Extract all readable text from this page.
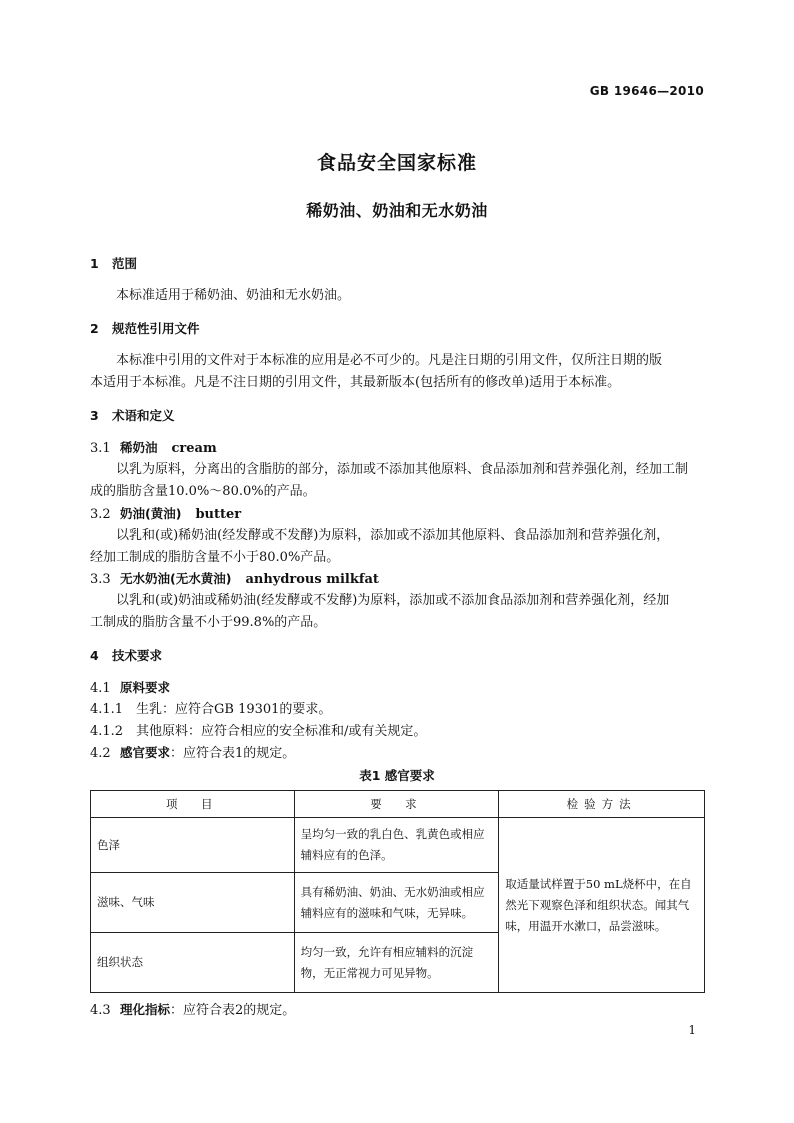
GB 19646—2010
食品安全国家标准
稀奶油、奶油和无水奶油
1 范围
本标准适用于稀奶油、奶油和无水奶油。
2 规范性引用文件
本标准中引用的文件对于本标准的应用是必不可少的。凡是注日期的引用文件，仅所注日期的版
本适用于本标准。凡是不注日期的引用文件，其最新版本(包括所有的修改单)适用于本标准。
3 术语和定义
3.1 稀奶油 cream
以乳为原料，分离出的含脂肪的部分，添加或不添加其他原料、食品添加剂和营养强化剂，经加工制
成的脂肪含量10.0%～80.0%的产品。
3.2 奶油(黄油) butter
以乳和(或)稀奶油(经发酵或不发酵)为原料，添加或不添加其他原料、食品添加剂和营养强化剂，
经加工制成的脂肪含量不小于80.0%产品。
3.3 无水奶油(无水黄油) anhydrous milkfat
以乳和(或)奶油或稀奶油(经发酵或不发酵)为原料，添加或不添加食品添加剂和营养强化剂，经加
工制成的脂肪含量不小于99.8%的产品。
4 技术要求
4.1 原料要求
4.1.1 生乳：应符合GB 19301的要求。
4.1.2 其他原料：应符合相应的安全标准和/或有关规定。
4.2 感官要求：应符合表1的规定。
表1 感官要求
项　目	要　求	检验方法
色泽	呈均匀一致的乳白色、乳黄色或相应辅料应有的色泽。	取适量试样置于50 mL烧杯中，在自然光下观察色泽和组织状态。闻其气味，用温开水漱口，品尝滋味。
滋味、气味	具有稀奶油、奶油、无水奶油或相应辅料应有的滋味和气味，无异味。	
组织状态	均匀一致，允许有相应辅料的沉淀物，无正常视力可见异物。	
4.3 理化指标：应符合表2的规定。
1
